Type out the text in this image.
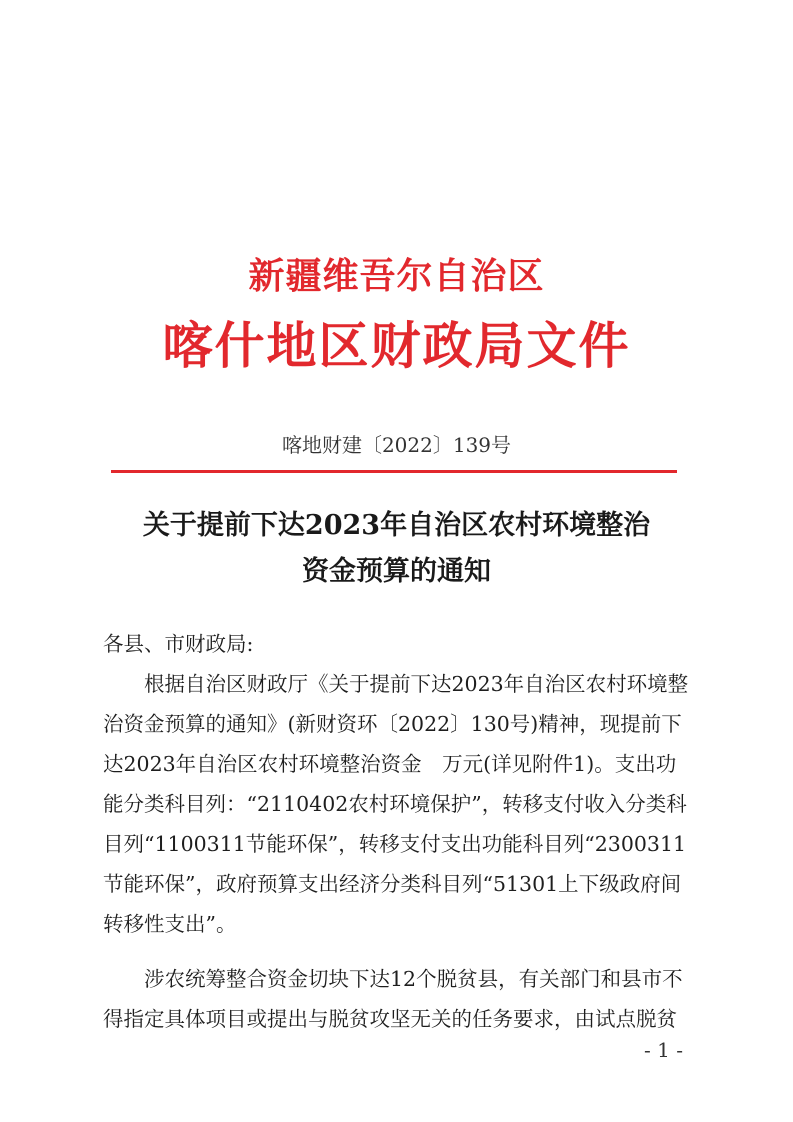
新疆维吾尔自治区
喀什地区财政局文件
喀地财建〔2022〕139号
关于提前下达2023年自治区农村环境整治
资金预算的通知

各县、市财政局:

根据自治区财政厅《关于提前下达2023年自治区农村环境整

治资金预算的通知》(新财资环〔2022〕130号)精神，现提前下

达2023年自治区农村环境整治资金　万元(详见附件1)。支出功

能分类科目列：“2110402农村环境保护”，转移支付收入分类科

目列“1100311节能环保”，转移支付支出功能科目列“2300311

节能环保”，政府预算支出经济分类科目列“51301上下级政府间

转移性支出”。

涉农统筹整合资金切块下达12个脱贫县，有关部门和县市不

得指定具体项目或提出与脱贫攻坚无关的任务要求，由试点脱贫

- 1 -
